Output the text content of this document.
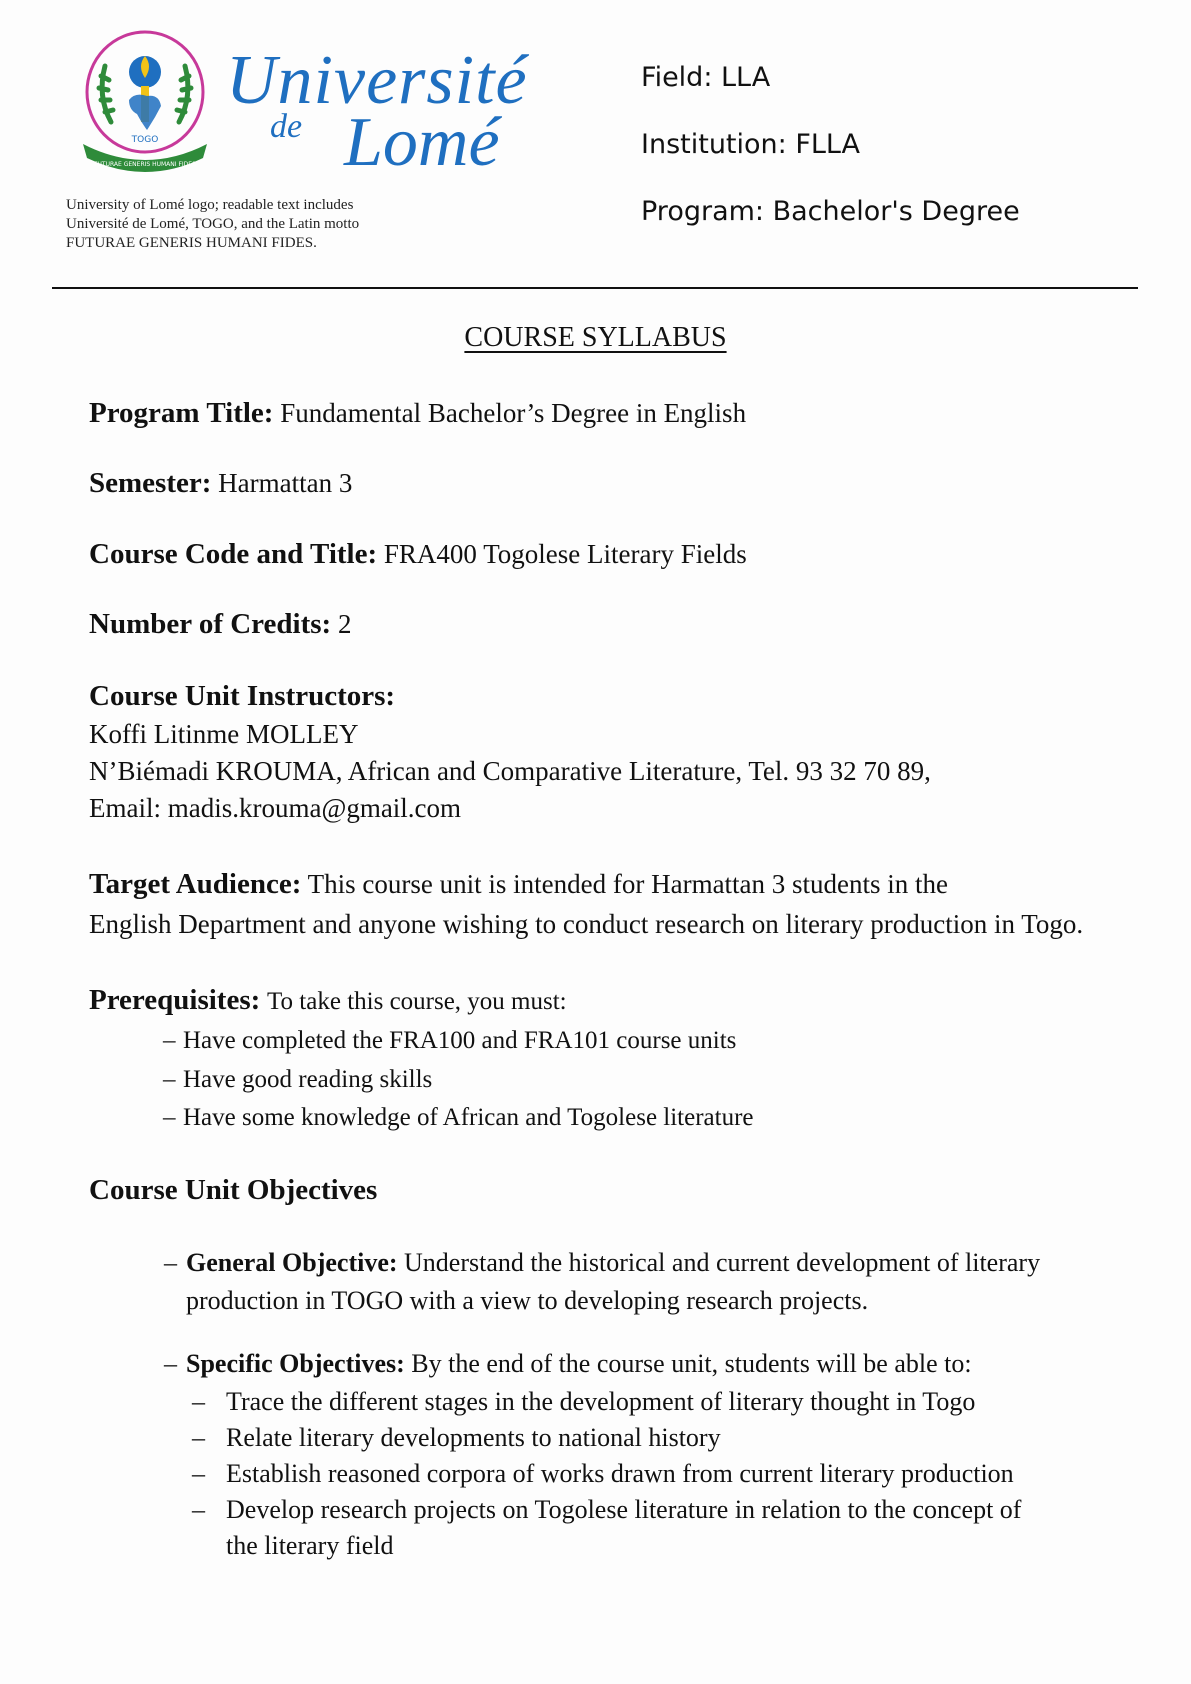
TOGO
FUTURAE GENERIS HUMANI FIDES
Université
de Lomé
University of Lomé logo; readable text includes Université de Lomé, TOGO, and the Latin motto FUTURAE GENERIS HUMANI FIDES.
Field: LLA
Institution: FLLA
Program: Bachelor's Degree
COURSE SYLLABUS
Program Title: Fundamental Bachelor’s Degree in English
Semester: Harmattan 3
Course Code and Title: FRA400 Togolese Literary Fields
Number of Credits: 2
Course Unit Instructors:
Koffi Litinme MOLLEY
N’Biémadi KROUMA, African and Comparative Literature, Tel. 93 32 70 89,
Email: madis.krouma@gmail.com
Target Audience: This course unit is intended for Harmattan 3 students in the
English Department and anyone wishing to conduct research on literary production in Togo.
Prerequisites: To take this course, you must:
– Have completed the FRA100 and FRA101 course units
– Have good reading skills
– Have some knowledge of African and Togolese literature
Course Unit Objectives
– General Objective: Understand the historical and current development of literary
production in TOGO with a view to developing research projects.
– Specific Objectives: By the end of the course unit, students will be able to:
– Trace the different stages in the development of literary thought in Togo
– Relate literary developments to national history
– Establish reasoned corpora of works drawn from current literary production
– Develop research projects on Togolese literature in relation to the concept of
the literary field
